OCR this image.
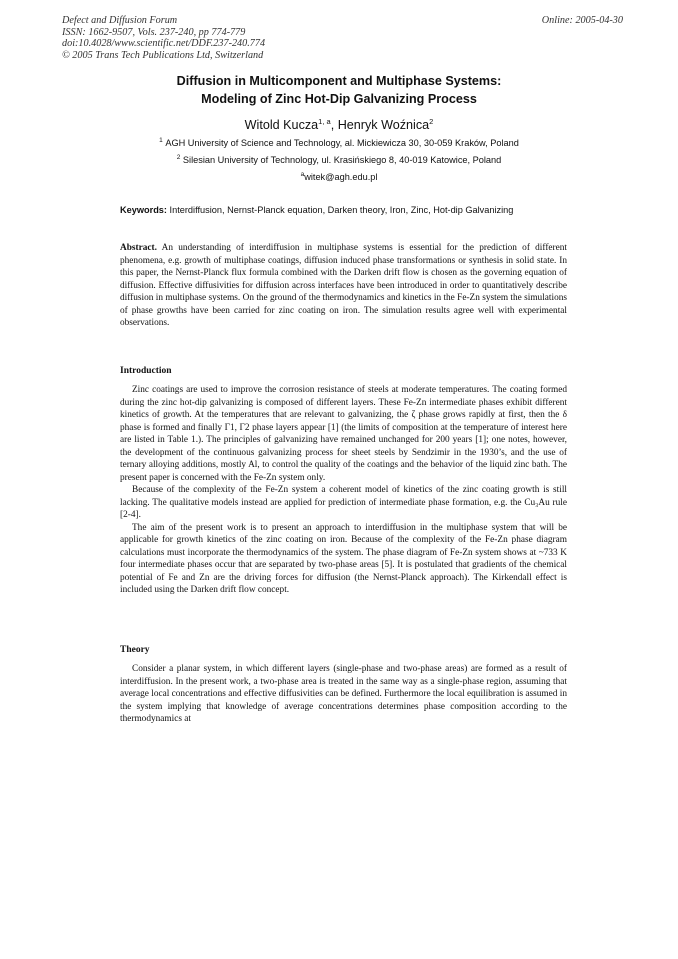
Defect and Diffusion Forum
ISSN: 1662-9507, Vols. 237-240, pp 774-779
doi:10.4028/www.scientific.net/DDF.237-240.774
© 2005 Trans Tech Publications Ltd, Switzerland
Online: 2005-04-30
Diffusion in Multicomponent and Multiphase Systems:
Modeling of Zinc Hot-Dip Galvanizing Process
Witold Kucza$^{1, a}$, Henryk Woźnica$^2$
$^1$ AGH University of Science and Technology, al. Mickiewicza 30, 30-059 Kraków, Poland
$^2$ Silesian University of Technology, ul. Krasińskiego 8, 40-019 Katowice, Poland
$^a$witek@agh.edu.pl
Keywords: Interdiffusion, Nernst-Planck equation, Darken theory, Iron, Zinc, Hot-dip Galvanizing

Abstract. An understanding of interdiffusion in multiphase systems is essential for the prediction of different phenomena, e.g. growth of multiphase coatings, diffusion induced phase transformations or synthesis in solid state. In this paper, the Nernst-Planck flux formula combined with the Darken drift flow is chosen as the governing equation of diffusion. Effective diffusivities for diffusion across interfaces have been introduced in order to quantitatively describe diffusion in multiphase systems. On the ground of the thermodynamics and kinetics in the Fe-Zn system the simulations of phase growths have been carried for zinc coating on iron. The simulation results agree well with experimental observations.

Introduction

Zinc coatings are used to improve the corrosion resistance of steels at moderate temperatures. The coating formed during the zinc hot-dip galvanizing is composed of different layers. These Fe-Zn intermediate phases exhibit different kinetics of growth. At the temperatures that are relevant to galvanizing, the ζ phase grows rapidly at first, then the δ phase is formed and finally Γ1, Γ2 phase layers appear [1] (the limits of composition at the temperature of interest here are listed in Table 1.). The principles of galvanizing have remained unchanged for 200 years [1]; one notes, however, the development of the continuous galvanizing process for sheet steels by Sendzimir in the 1930’s, and the use of ternary alloying additions, mostly Al, to control the quality of the coatings and the behavior of the liquid zinc bath. The present paper is concerned with the Fe-Zn system only.

Because of the complexity of the Fe-Zn system a coherent model of kinetics of the zinc coating growth is still lacking. The qualitative models instead are applied for prediction of intermediate phase formation, e.g. the Cu₃Au rule [2-4].

The aim of the present work is to present an approach to interdiffusion in the multiphase system that will be applicable for growth kinetics of the zinc coating on iron. Because of the complexity of the Fe-Zn phase diagram calculations must incorporate the thermodynamics of the system. The phase diagram of Fe-Zn system shows at ~733 K four intermediate phases occur that are separated by two-phase areas [5]. It is postulated that gradients of the chemical potential of Fe and Zn are the driving forces for diffusion (the Nernst-Planck approach). The Kirkendall effect is included using the Darken drift flow concept.

Theory

Consider a planar system, in which different layers (single-phase and two-phase areas) are formed as a result of interdiffusion. In the present work, a two-phase area is treated in the same way as a single-phase region, assuming that average local concentrations and effective diffusivities can be defined. Furthermore the local equilibration is assumed in the system implying that knowledge of average concentrations determines phase composition according to the thermodynamics at
